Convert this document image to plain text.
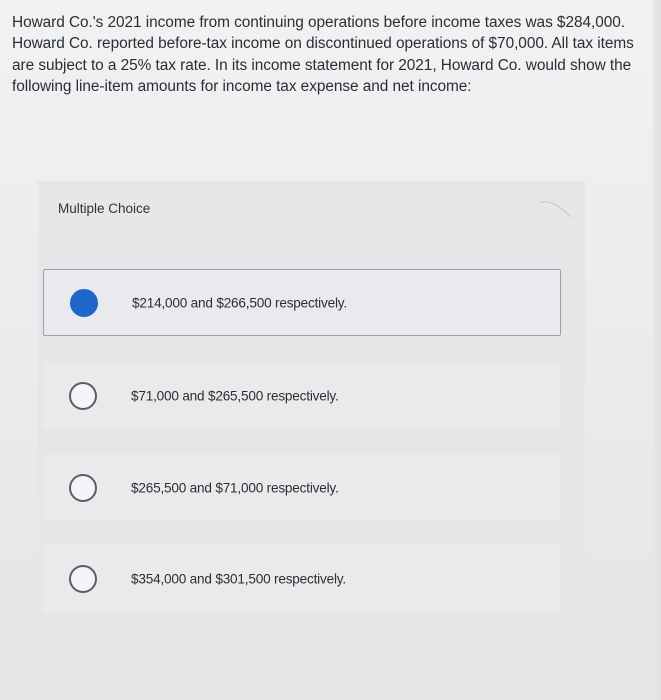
Howard Co.'s 2021 income from continuing operations before income taxes was $284,000. Howard Co. reported before-tax income on discontinued operations of $70,000. All tax items are subject to a 25% tax rate. In its income statement for 2021, Howard Co. would show the following line-item amounts for income tax expense and net income:

Multiple Choice
$214,000 and $266,500 respectively.
$71,000 and $265,500 respectively.
$265,500 and $71,000 respectively.
$354,000 and $301,500 respectively.
